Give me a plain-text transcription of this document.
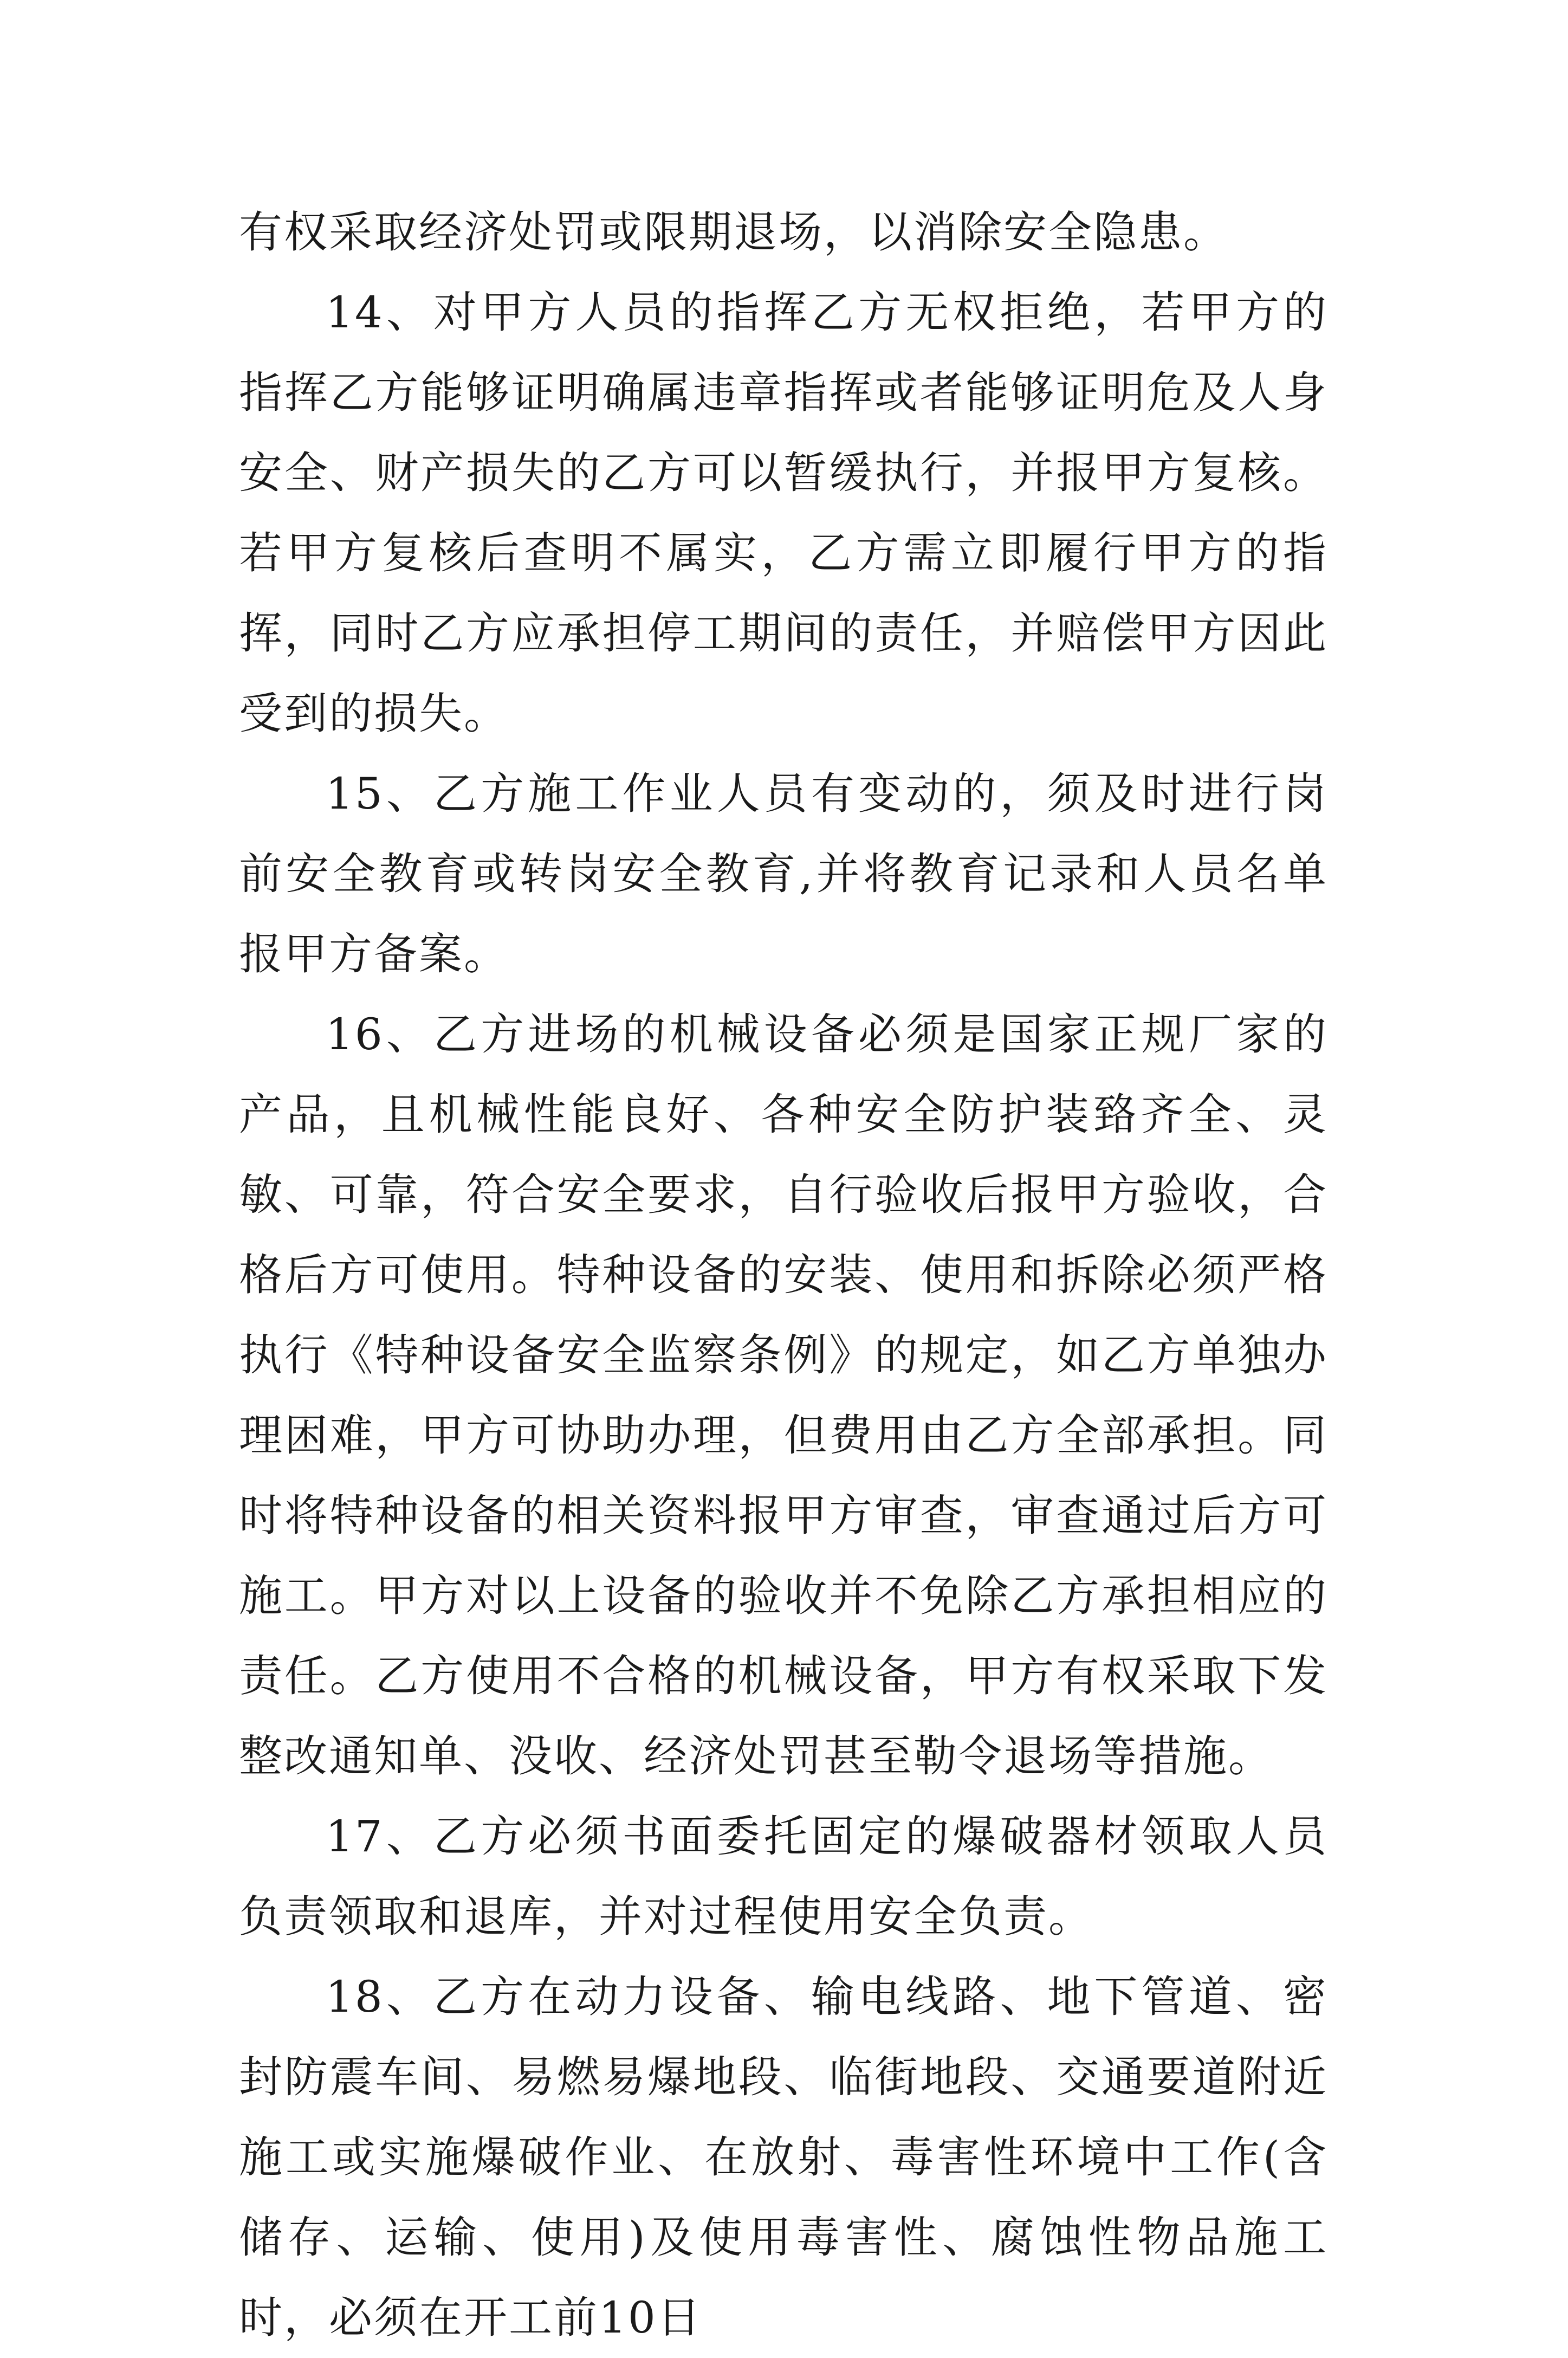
有权采取经济处罚或限期退场，以消除安全隐患。

14、对甲方人员的指挥乙方无权拒绝，若甲方的指挥乙方能够证明确属违章指挥或者能够证明危及人身安全、财产损失的乙方可以暂缓执行，并报甲方复核。若甲方复核后查明不属实，乙方需立即履行甲方的指挥，同时乙方应承担停工期间的责任，并赔偿甲方因此受到的损失。

15、乙方施工作业人员有变动的，须及时进行岗前安全教育或转岗安全教育,并将教育记录和人员名单报甲方备案。

16、乙方进场的机械设备必须是国家正规厂家的产品，且机械性能良好、各种安全防护装臵齐全、灵敏、可靠，符合安全要求，自行验收后报甲方验收，合格后方可使用。特种设备的安装、使用和拆除必须严格执行《特种设备安全监察条例》的规定，如乙方单独办理困难，甲方可协助办理，但费用由乙方全部承担。同时将特种设备的相关资料报甲方审查，审查通过后方可施工。甲方对以上设备的验收并不免除乙方承担相应的责任。乙方使用不合格的机械设备，甲方有权采取下发整改通知单、没收、经济处罚甚至勒令退场等措施。

17、乙方必须书面委托固定的爆破器材领取人员负责领取和退库，并对过程使用安全负责。

18、乙方在动力设备、输电线路、地下管道、密封防震车间、易燃易爆地段、临街地段、交通要道附近施工或实施爆破作业、在放射、毒害性环境中工作(含储存、运输、使用)及使用毒害性、腐蚀性物品施工时，必须在开工前10日
